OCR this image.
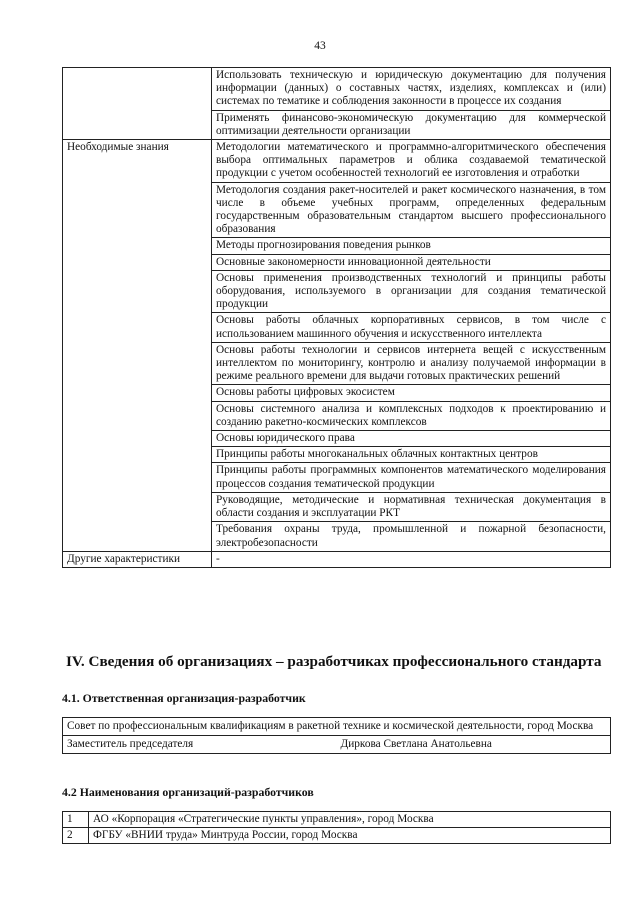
43
	Использовать техническую и юридическую документацию для получения информации (данных) о составных частях, изделиях, комплексах и (или) системах по тематике и соблюдения законности в процессе их создания
	Применять финансово-экономическую документацию для коммерческой оптимизации деятельности организации
Необходимые знания	Методологии математического и программно-алгоритмического обеспечения выбора оптимальных параметров и облика создаваемой тематической продукции с учетом особенностей технологий ее изготовления и отработки
	Методология создания ракет-носителей и ракет космического назначения, в том числе в объеме учебных программ, определенных федеральным государственным образовательным стандартом высшего профессионального образования
	Методы прогнозирования поведения рынков
	Основные закономерности инновационной деятельности
	Основы применения производственных технологий и принципы работы оборудования, используемого в организации для создания тематической продукции
	Основы работы облачных корпоративных сервисов, в том числе с использованием машинного обучения и искусственного интеллекта
	Основы работы технологии и сервисов интернета вещей с искусственным интеллектом по мониторингу, контролю и анализу получаемой информации в режиме реального времени для выдачи готовых практических решений
	Основы работы цифровых экосистем
	Основы системного анализа и комплексных подходов к проектированию и созданию ракетно-космических комплексов
	Основы юридического права
	Принципы работы многоканальных облачных контактных центров
	Принципы работы программных компонентов математического моделирования процессов создания тематической продукции
	Руководящие, методические и нормативная техническая документация в области создания и эксплуатации РКТ
	Требования охраны труда, промышленной и пожарной безопасности, электробезопасности
Другие характеристики	-
IV. Сведения об организациях – разработчиках профессионального стандарта
4.1. Ответственная организация-разработчик
Совет по профессиональным квалификациям в ракетной технике и космической деятельности, город Москва
Заместитель председателя	Диркова Светлана Анатольевна
4.2 Наименования организаций-разработчиков
1	АО «Корпорация «Стратегические пункты управления», город Москва
2	ФГБУ «ВНИИ труда» Минтруда России, город Москва
